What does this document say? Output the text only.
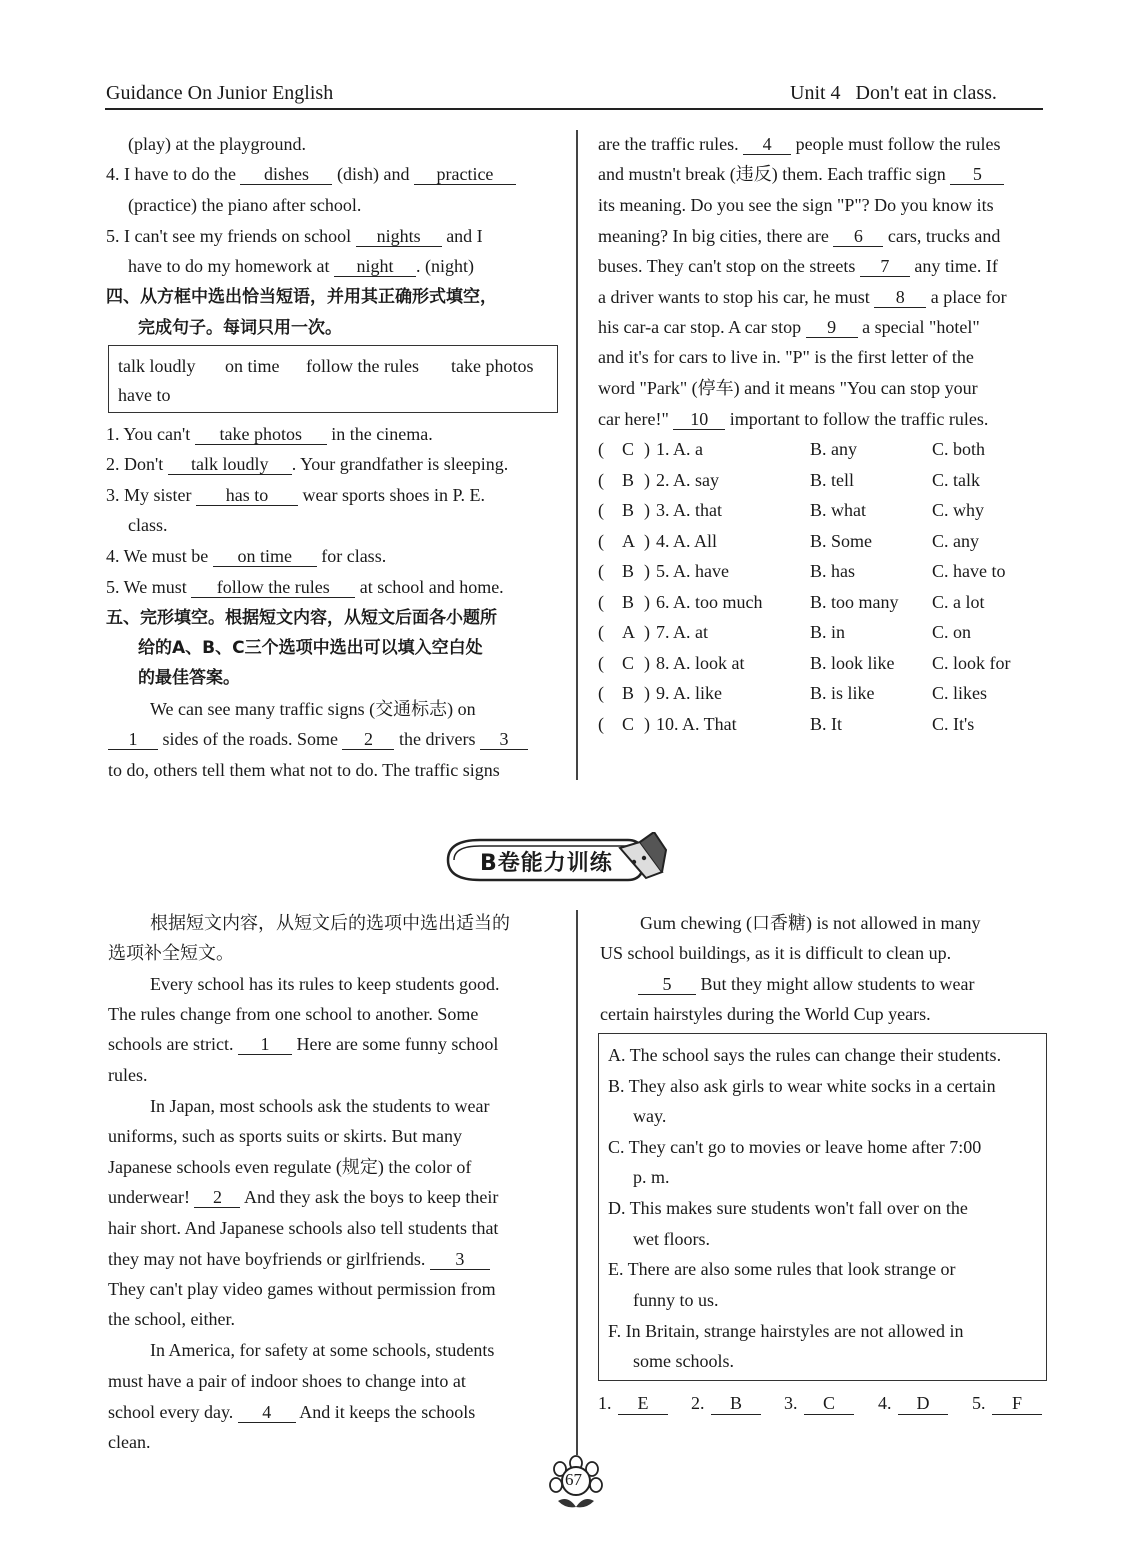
Guidance On Junior English	Unit 4   Don't eat in class.
(play) at the playground.
4. I have to do the dishes (dish) and practice
(practice) the piano after school.
5. I can't see my friends on school nights and I
have to do my homework at night . (night)
四、从方框中选出恰当短语，并用其正确形式填空，
完成句子。每词只用一次。
talk loudly on time follow the rules take photos
have to
1. You can't take photos in the cinema.
2. Don't talk loudly . Your grandfather is sleeping.
3. My sister has to wear sports shoes in P. E.
class.
4. We must be on time for class.
5. We must follow the rules at school and home.
五、完形填空。根据短文内容，从短文后面各小题所
给的A、B、C三个选项中选出可以填入空白处
的最佳答案。
We can see many traffic signs (交通标志) on
1 sides of the roads. Some 2 the drivers 3
to do, others tell them what not to do. The traffic signs
are the traffic rules. 4 people must follow the rules
and mustn't break (违反) them. Each traffic sign 5
its meaning. Do you see the sign "P"? Do you know its
meaning? In big cities, there are 6 cars, trucks and
buses. They can't stop on the streets 7 any time. If
a driver wants to stop his car, he must 8 a place for
his car-a car stop. A car stop 9 a special "hotel"
and it's for cars to live in. "P" is the first letter of the
word "Park" (停车) and it means "You can stop your
car here!" 10 important to follow the traffic rules.
( C ) 1. A. a	B. any	C. both
( B ) 2. A. say	B. tell	C. talk
( B ) 3. A. that	B. what	C. why
( A ) 4. A. All	B. Some	C. any
( B ) 5. A. have	B. has	C. have to
( B ) 6. A. too much	B. too many C. a lot
( A ) 7. A. at	B. in	C. on
( C ) 8. A. look at	B. look like C. look for
( B ) 9. A. like	B. is like	C. likes
( C ) 10. A. That	B. It	C. It's
B卷能力训练
根据短文内容，从短文后的选项中选出适当的
选项补全短文。
Every school has its rules to keep students good.
The rules change from one school to another. Some
schools are strict. 1 Here are some funny school
rules.
In Japan, most schools ask the students to wear
uniforms, such as sports suits or skirts. But many
Japanese schools even regulate (规定) the color of
underwear! 2 And they ask the boys to keep their
hair short. And Japanese schools also tell students that
they may not have boyfriends or girlfriends. 3
They can't play video games without permission from
the school, either.
In America, for safety at some schools, students
must have a pair of indoor shoes to change into at
school every day. 4 And it keeps the schools
clean.
Gum chewing (口香糖) is not allowed in many
US school buildings, as it is difficult to clean up.
5 But they might allow students to wear
certain hairstyles during the World Cup years.
A. The school says the rules can change their students.
B. They also ask girls to wear white socks in a certain
way.
C. They can't go to movies or leave home after 7:00
p. m.
D. This makes sure students won't fall over on the
wet floors.
E. There are also some rules that look strange or
funny to us.
F. In Britain, strange hairstyles are not allowed in
some schools.
1.	E	2.	B	3.	C	4.	D	5.	F
67
